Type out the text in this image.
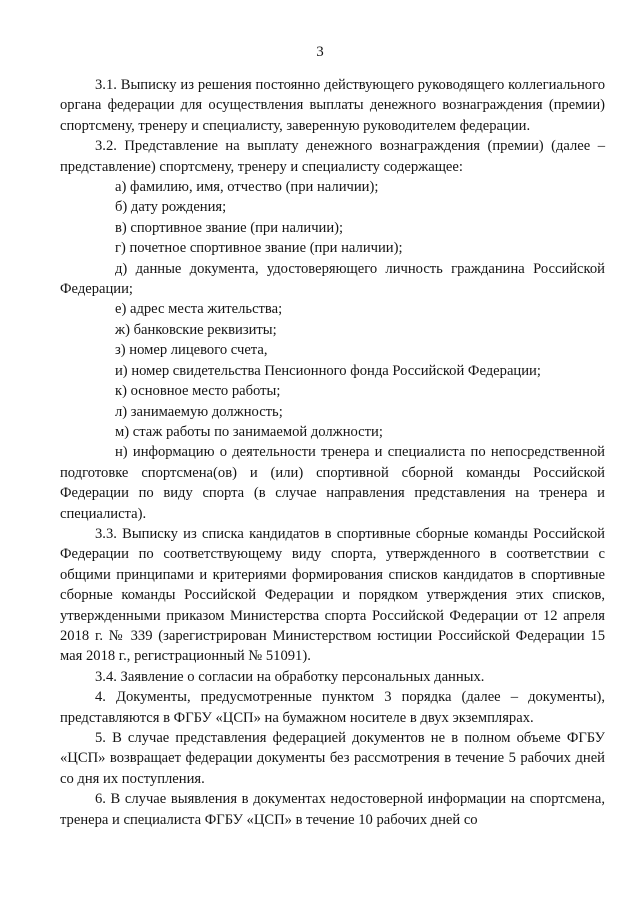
3

3.1. Выписку из решения постоянно действующего руководящего коллегиального органа федерации для осуществления выплаты денежного вознаграждения (премии) спортсмену, тренеру и специалисту, заверенную руководителем федерации.

3.2. Представление на выплату денежного вознаграждения (премии) (далее – представление) спортсмену, тренеру и специалисту содержащее:

а) фамилию, имя, отчество (при наличии);

б) дату рождения;

в) спортивное звание (при наличии);

г) почетное спортивное звание (при наличии);

д) данные документа, удостоверяющего личность гражданина Российской Федерации;

е) адрес места жительства;

ж) банковские реквизиты;

з) номер лицевого счета,

и) номер свидетельства Пенсионного фонда Российской Федерации;

к) основное место работы;

л) занимаемую должность;

м) стаж работы по занимаемой должности;

н) информацию о деятельности тренера и специалиста по непосредственной подготовке спортсмена(ов) и (или) спортивной сборной команды Российской Федерации по виду спорта (в случае направления представления на тренера и специалиста).

3.3. Выписку из списка кандидатов в спортивные сборные команды Российской Федерации по соответствующему виду спорта, утвержденного в соответствии с общими принципами и критериями формирования списков кандидатов в спортивные сборные команды Российской Федерации и порядком утверждения этих списков, утвержденными приказом Министерства спорта Российской Федерации от 12 апреля 2018 г. № 339 (зарегистрирован Министерством юстиции Российской Федерации 15 мая 2018 г., регистрационный № 51091).

3.4. Заявление о согласии на обработку персональных данных.

4. Документы, предусмотренные пунктом 3 порядка (далее – документы), представляются в ФГБУ «ЦСП» на бумажном носителе в двух экземплярах.

5. В случае представления федерацией документов не в полном объеме ФГБУ «ЦСП» возвращает федерации документы без рассмотрения в течение 5 рабочих дней со дня их поступления.

6. В случае выявления в документах недостоверной информации на спортсмена, тренера и специалиста ФГБУ «ЦСП» в течение 10 рабочих дней со
